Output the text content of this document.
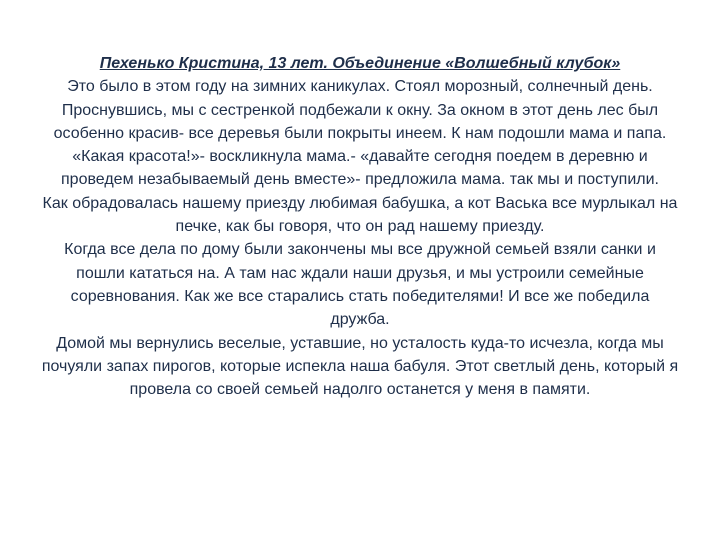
Пехенько Кристина, 13 лет. Объединение «Волшебный клубок»
Это было в этом году на зимних каникулах. Стоял морозный, солнечный день. Проснувшись, мы с сестренкой подбежали к окну. За окном в этот день лес был особенно красив- все деревья были покрыты инеем. К нам подошли мама и папа. «Какая красота!»- воскликнула мама.- «давайте сегодня поедем в деревню и проведем незабываемый день вместе»- предложила мама. так мы и поступили.
Как обрадовалась нашему приезду любимая бабушка, а кот Васька все мурлыкал на печке, как бы говоря, что он рад нашему приезду.
Когда все дела по дому были закончены мы все дружной семьей взяли санки и пошли кататься на. А там нас ждали наши друзья, и мы устроили семейные соревнования. Как же все старались стать победителями! И все же победила дружба.
Домой мы вернулись веселые, уставшие, но усталость куда-то исчезла, когда мы почуяли запах пирогов, которые испекла наша бабуля. Этот светлый день, который я провела со своей семьей надолго останется у меня в памяти.
